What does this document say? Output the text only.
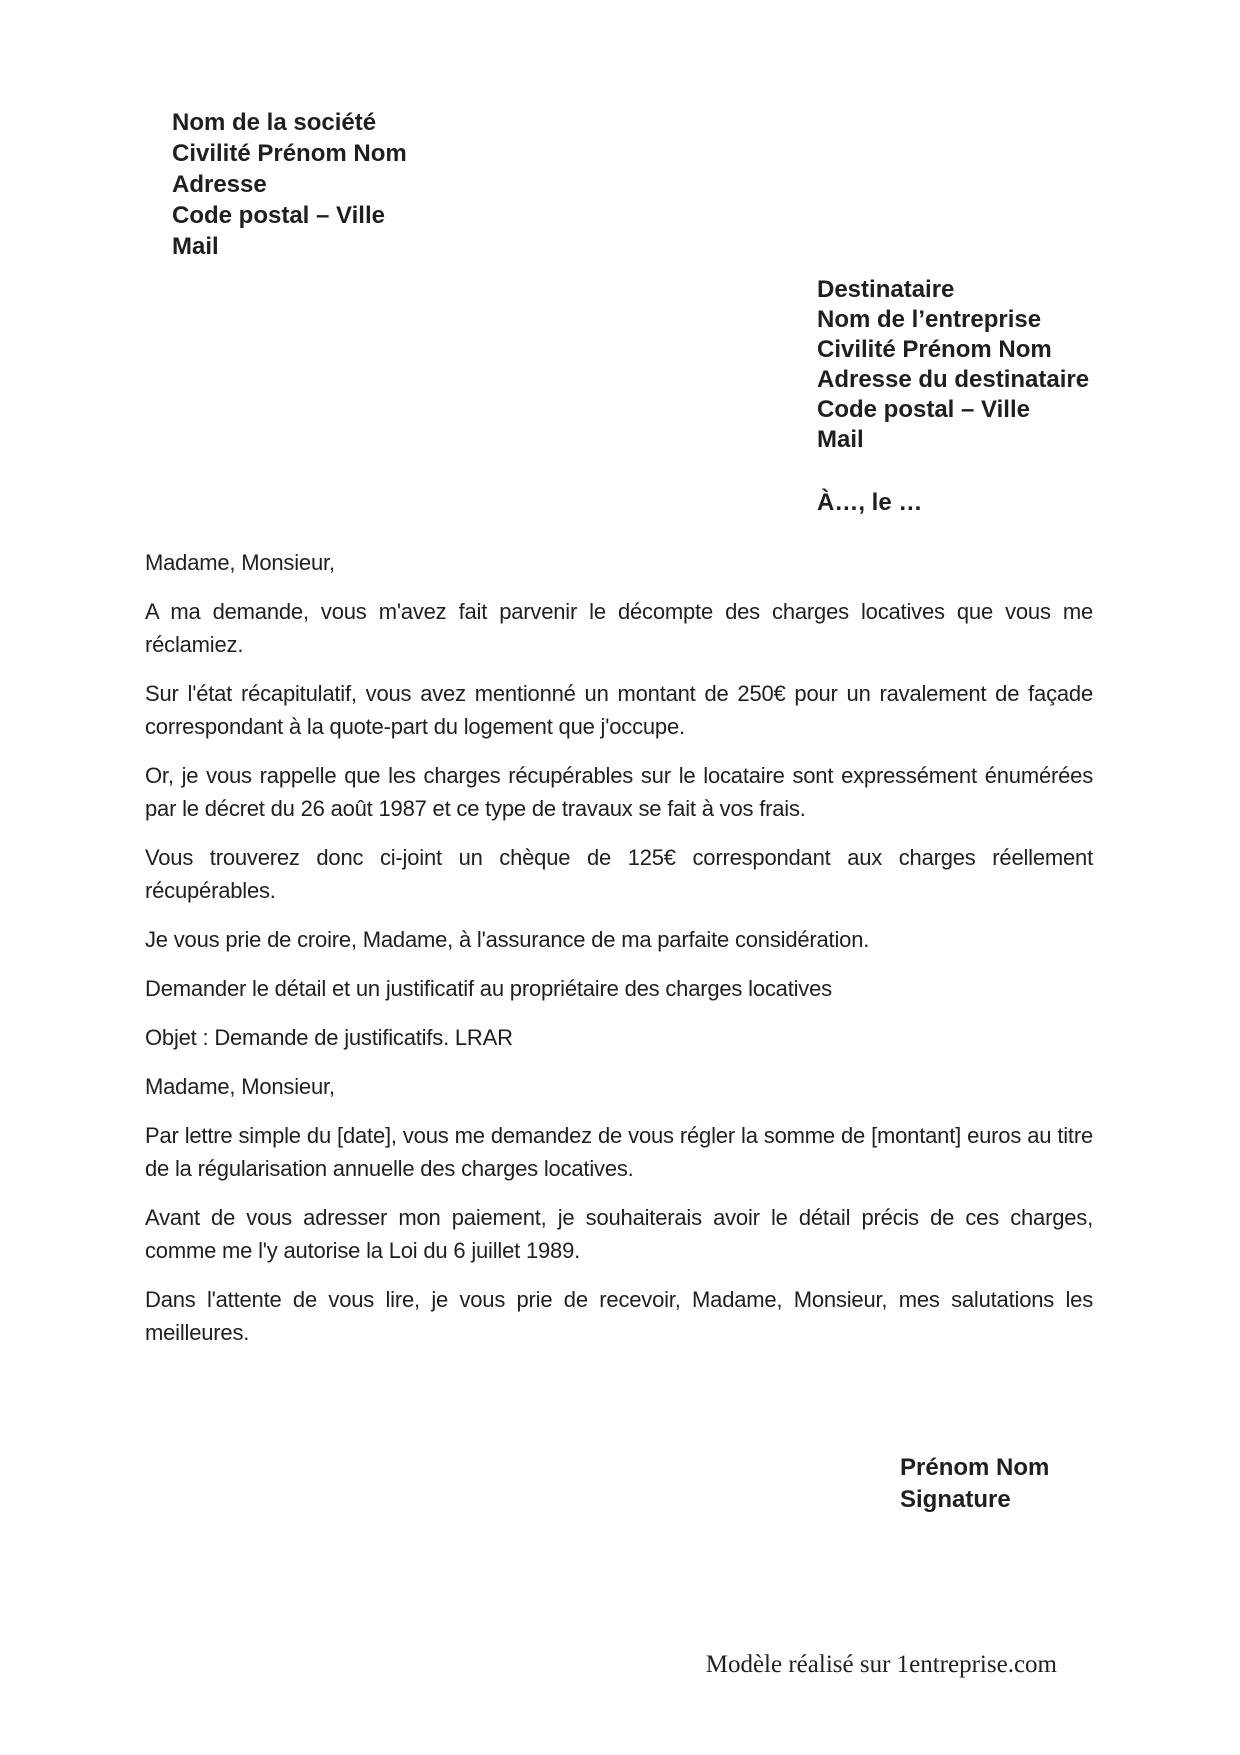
Nom de la société
Civilité Prénom Nom
Adresse
Code postal – Ville
Mail
Destinataire
Nom de l’entreprise
Civilité Prénom Nom
Adresse du destinataire
Code postal – Ville
Mail
À…, le …
Madame, Monsieur,
A ma demande, vous m'avez fait parvenir le décompte des charges locatives que vous me réclamiez.
Sur l'état récapitulatif, vous avez mentionné un montant de 250€ pour un ravalement de façade correspondant à la quote-part du logement que j'occupe.
Or, je vous rappelle que les charges récupérables sur le locataire sont expressément énumérées par le décret du 26 août 1987 et ce type de travaux se fait à vos frais.
Vous trouverez donc ci-joint un chèque de 125€ correspondant aux charges réellement récupérables.
Je vous prie de croire, Madame, à l'assurance de ma parfaite considération.
Demander le détail et un justificatif au propriétaire des charges locatives
Objet : Demande de justificatifs. LRAR
Madame, Monsieur,
Par lettre simple du [date], vous me demandez de vous régler la somme de [montant] euros au titre de la régularisation annuelle des charges locatives.
Avant de vous adresser mon paiement, je souhaiterais avoir le détail précis de ces charges, comme me l'y autorise la Loi du 6 juillet 1989.
Dans l'attente de vous lire, je vous prie de recevoir, Madame, Monsieur, mes salutations les meilleures.
Prénom Nom
Signature
Modèle réalisé sur 1entreprise.com
